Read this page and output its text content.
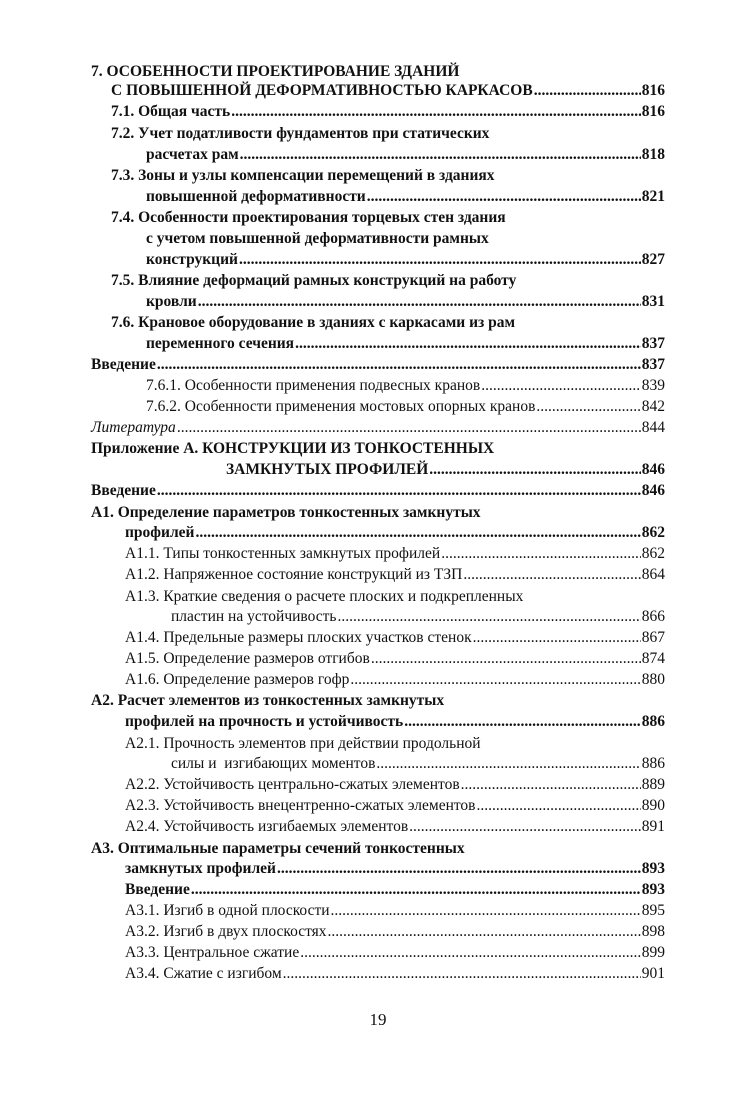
7. ОСОБЕННОСТИ ПРОЕКТИРОВАНИЕ ЗДАНИЙ
С ПОВЫШЕННОЙ ДЕФОРМАТИВНОСТЬЮ КАРКАСОВ .....	816
7.1. Общая часть .....	816
7.2. Учет податливости фундаментов при статических
расчетах рам .....	818
7.3. Зоны и узлы компенсации перемещений в зданиях
повышенной деформативности .....	821
7.4. Особенности проектирования торцевых стен здания
с учетом повышенной деформативности рамных
конструкций .....	827
7.5. Влияние деформаций рамных конструкций на работу
кровли .....	831
7.6. Крановое оборудование в зданиях с каркасами из рам
переменного сечения .....	837
Введение .....	837
7.6.1. Особенности применения подвесных кранов .....	839
7.6.2. Особенности применения мостовых опорных кранов .....	842
Литература .....	844
Приложение А. КОНСТРУКЦИИ ИЗ ТОНКОСТЕННЫХ
ЗАМКНУТЫХ ПРОФИЛЕЙ .....	846
Введение .....	846
А1. Определение параметров тонкостенных замкнутых
профилей .....	862
А1.1. Типы тонкостенных замкнутых профилей .....	862
А1.2. Напряженное состояние конструкций из ТЗП .....	864
А1.3. Краткие сведения о расчете плоских и подкрепленных
пластин на устойчивость .....	866
А1.4. Предельные размеры плоских участков стенок .....	867
А1.5. Определение размеров отгибов .....	874
А1.6. Определение размеров гофр .....	880
А2. Расчет элементов из тонкостенных замкнутых
профилей на прочность и устойчивость .....	886
А2.1. Прочность элементов при действии продольной
силы и  изгибающих моментов .....	886
А2.2. Устойчивость центрально-сжатых элементов .....	889
А2.3. Устойчивость внецентренно-сжатых элементов .....	890
А2.4. Устойчивость изгибаемых элементов .....	891
А3. Оптимальные параметры сечений тонкостенных
замкнутых профилей .....	893
Введение .....	893
А3.1. Изгиб в одной плоскости .....	895
А3.2. Изгиб в двух плоскостях .....	898
А3.3. Центральное сжатие .....	899
А3.4. Сжатие с изгибом .....	901
19
